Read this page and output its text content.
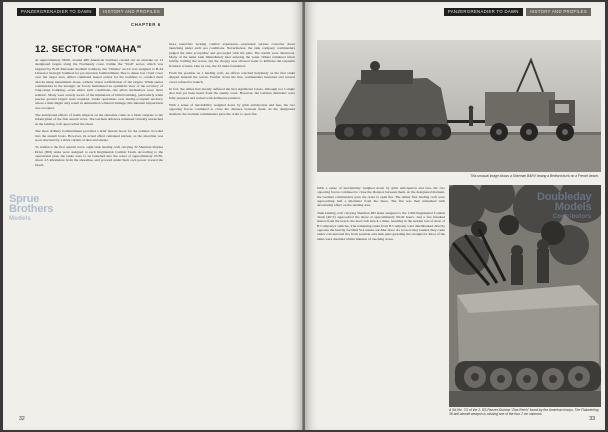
PANZERGRENADIER TO DAWN	HISTORY AND PROFILES
CHAPTER 6
12. SECTOR "OMAHA"

At approximately 06:00, around 480 American bombers carried out an airstrike on 13 designated targets along the Normandy coast. Unlike the "Utah" sector, which was targeted by B-26 Marauder medium bombers, the "Omaha" sector was assigned to B-24 Liberator strategic bombers for pre-invasion bombardment. Due to dense low cloud cover over the target area, Allied command issued orders for the bombers to conduct their attacks using instruments alone, without visual confirmation of the targets. While senior commanders in the strategic air forces maintained an optimistic view of the accuracy of long-range bombing—even under such conditions—the pilots themselves were more realistic. Many were acutely aware of the limitations of blind bombing, particularly when precise ground targets were required. Under operations over enemy-occupied territory, where a miss might only result in unintended collateral damage, this inherent imprecision was accepted.

The anticipated effects of bomb impacts on the shoreline came as a bitter surprise to the infantrymen of the first assault wave. The German defences remained virtually untouched as the landing craft approached the shore.

The most artillery bombardment provided a brief morale boost for the soldiers crowded into the assault boats. However, its actual effect remained unclear, as the shoreline was soon obscured by a thick curtain of dust and smoke.

To reinforce the first assault wave, eight tank landing craft carrying 32 Sherman Duplex Drive (DD) tanks were assigned to each Regimental Combat Team. According to the operational plan, the tanks were to be launched into the water at approximately 05:30, about 4.5 kilometres from the shoreline, and proceed under their own power toward the beach.

more reservists lacking combat experience—expressed serious concerns about launching under such sea conditions. Nevertheless, the tank company commanders judged the risks acceptable and proceeded with the plan. The results were disastrous. Many of the tanks sank immediately after entering the water. Others remained afloat briefly, battling the waves, but the choppy seas allowed water to infiltrate the tarpaulin flotation screens. One by one, the 32 tanks foundered.

From his position on a landing craft, an officer watched helplessly as the first tanks slipped beneath the waves. Further down the line, commanders hesitated and several crews refused to launch.

In fact, the Allies had already suffered the first significant losses, although not a single shot had yet been heard from the enemy coast. However, the German defenders were fully prepared and waited with deliberate patience.

With a sense of inevitability weighed down by grim anticipation and fear, the two opposing forces continued to close the distance between them. At the designated moment, the German commanders gave the order to open fire.

Sprue
Brothers
Models
32
PANZERGRENADIER TO DAWN	HISTORY AND PROFILES
This unusual image shows a Sherman BARV towing a Bedford truck on a French beach.

With a sense of inevitability weighed down by grim anticipation and fear, the two opposing forces continued to close the distance between them. At the designated moment, the German commanders gave the order to open fire. The Allies' first landing craft were approaching half a kilometre from the shore. The fire was then unleashed with devastating effect on the landing area.

Tank landing craft carrying Sherman DD tanks assigned to the 116th Regimental Combat Team (RCT) approached the shore at approximately 06:29 hours. Just a few hundred metres from the beach, the lead craft struck a mine, resulting in the sudden loss of most of B Company's vehicles. The remaining tanks from B Company were disembarked directly opposite the heavily fortified St-Laurent-sur-Mer draw. As soon as they landed, they came under concentrated fire from German anti-tank guns guarding the stronghold. Most of the tanks were disabled within minutes of touching down.

Doubleday
Models
Contributors
A Sd.Kfz. 7/1 of the 2. SS-Panzer-Division "Das Reich" found by the American troops. The Flakwierling 38 anti-aircraft weapon is missing one of the four 2 cm cannons.
33
